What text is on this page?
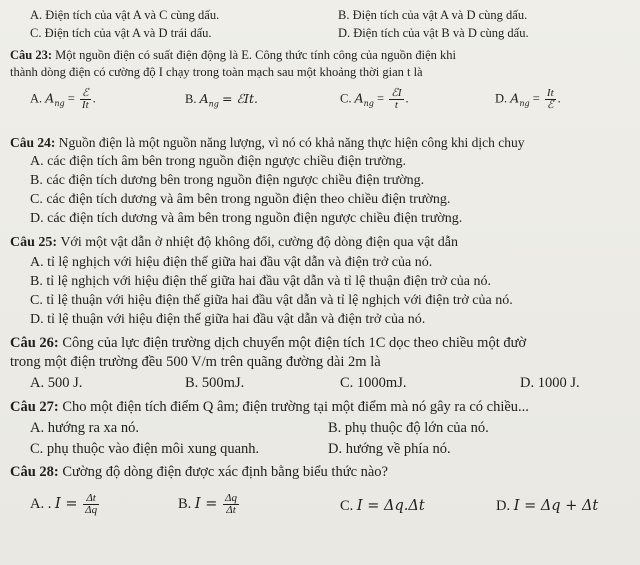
A. Điện tích của vật A và C cùng dấu.	B. Điện tích của vật A và D cùng dấu.
C. Điện tích của vật A và D trái dấu.	D. Điện tích của vật B và D cùng dấu.
Câu 23: Một nguồn điện có suất điện động là E. Công thức tính công của nguồn điện khi
thành dòng điện có cường độ I chạy trong toàn mạch sau một khoảng thời gian t là
A. $A_{ng} = \frac{\text{ℰ}}{It}$ .	B. $A_{ng}$ = ℰIt.	C. $A_{ng} = \frac{\text{ℰI}}{t}$ .	D. $A_{ng} = \frac{It}{\text{ℰ}}$ .
Câu 24: Nguồn điện là một nguồn năng lượng, vì nó có khả năng thực hiện công khi dịch chuy
A. các điện tích âm bên trong nguồn điện ngược chiều điện trường.
B. các điện tích dương bên trong nguồn điện ngược chiều điện trường.
C. các điện tích dương và âm bên trong nguồn điện theo chiều điện trường.
D. các điện tích dương và âm bên trong nguồn điện ngược chiều điện trường.
Câu 25: Với một vật dẫn ở nhiệt độ không đổi, cường độ dòng điện qua vật dẫn
A. tỉ lệ nghịch với hiệu điện thế giữa hai đầu vật dẫn và điện trở của nó.
B. tỉ lệ nghịch với hiệu điện thế giữa hai đầu vật dẫn và tỉ lệ thuận điện trở của nó.
C. tỉ lệ thuận với hiệu điện thế giữa hai đầu vật dẫn và tỉ lệ nghịch với điện trở của nó.
D. tỉ lệ thuận với hiệu điện thế giữa hai đầu vật dẫn và điện trở của nó.
Câu 26: Công của lực điện trường dịch chuyển một điện tích 1C dọc theo chiều một đườ
trong một điện trường đều 500 V/m trên quãng đường dài 2m là
A. 500 J.	B. 500mJ.	C. 1000mJ.	D. 1000 J.
Câu 27: Cho một điện tích điểm Q âm; điện trường tại một điểm mà nó gây ra có chiều...
A. hướng ra xa nó.	B. phụ thuộc độ lớn của nó.
C. phụ thuộc vào điện môi xung quanh.	D. hướng về phía nó.
Câu 28: Cường độ dòng điện được xác định bằng biểu thức nào?
A. . $I = \frac{\Delta t}{\Delta q}$	B. $I = \frac{\Delta q}{\Delta t}$	C. I = Δq.Δt	D. I = Δq + Δt
